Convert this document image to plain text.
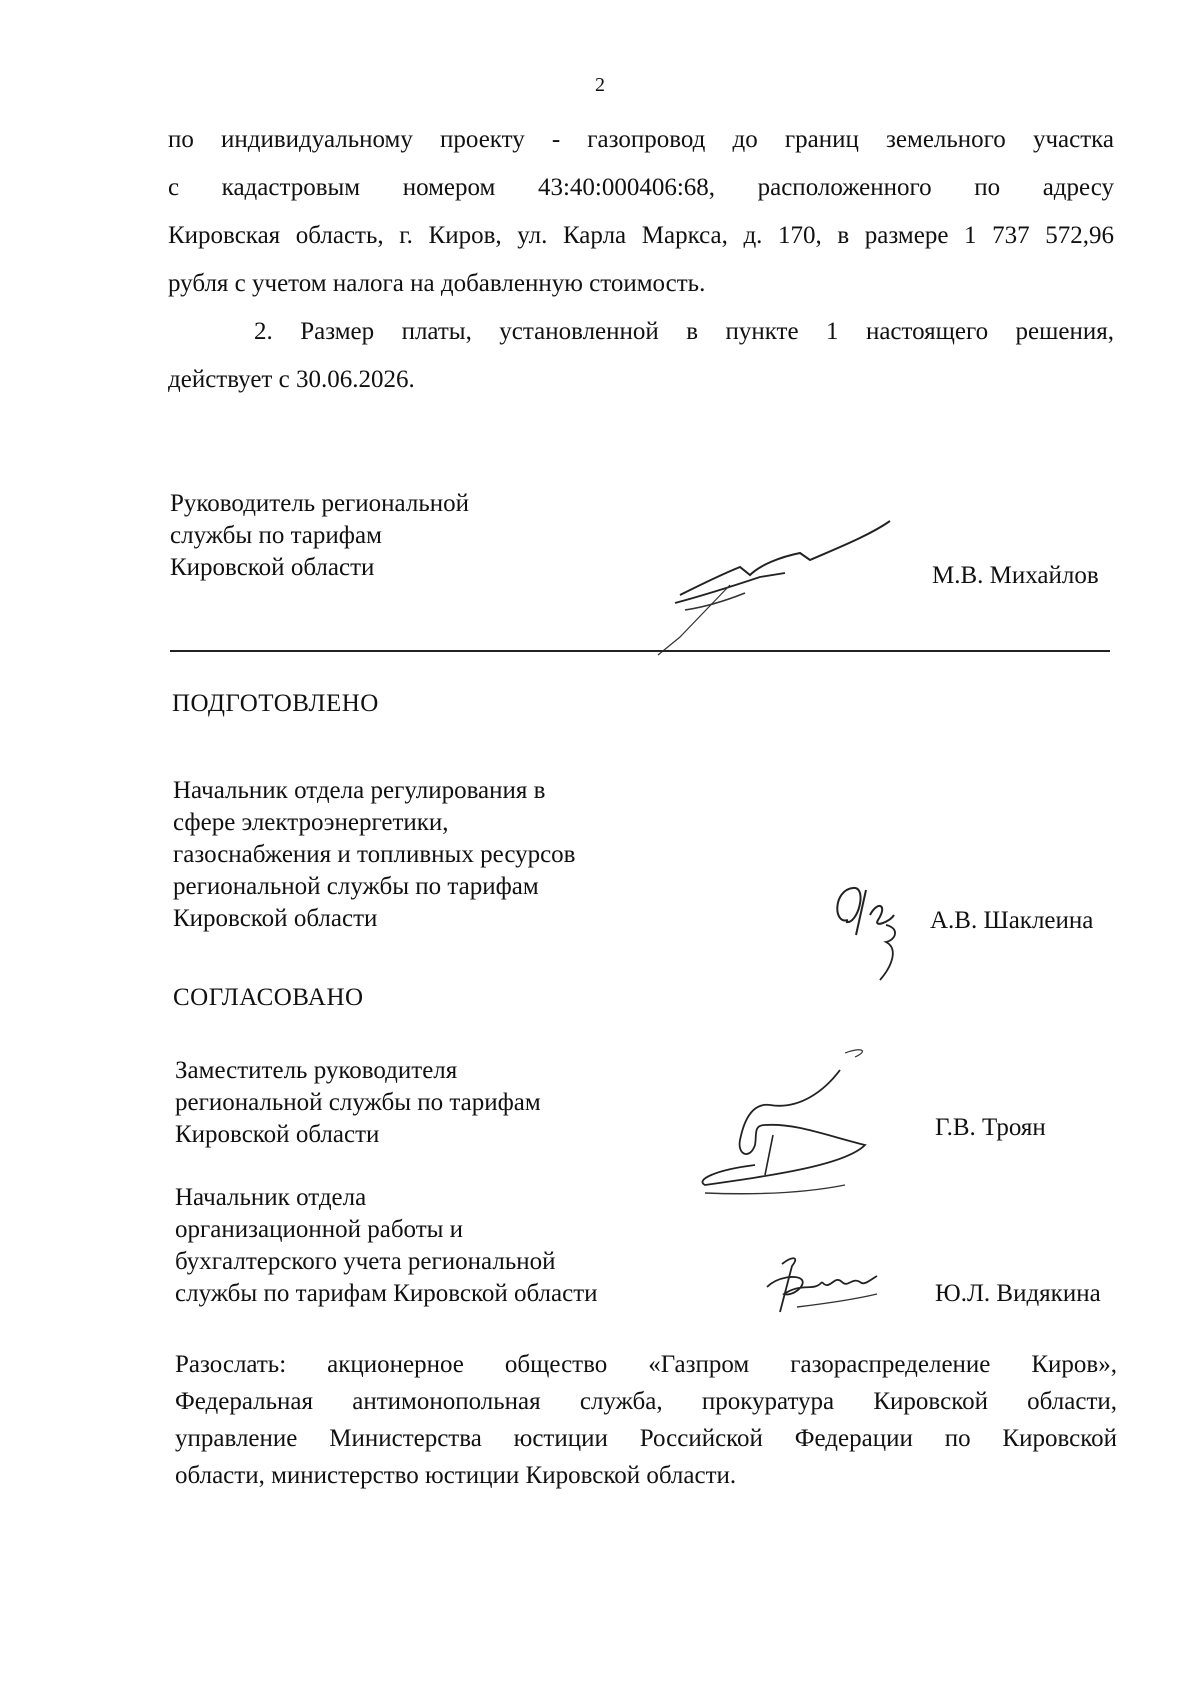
2
по индивидуальному проекту - газопровод до границ земельного участка
с кадастровым номером 43:40:000406:68, расположенного по адресу
Кировская область, г. Киров, ул. Карла Маркса, д. 170, в размере 1 737 572,96
рубля с учетом налога на добавленную стоимость.
2. Размер платы, установленной в пункте 1 настоящего решения,
действует с 30.06.2026.
Руководитель региональной
службы по тарифам
Кировской области	М.В. Михайлов
ПОДГОТОВЛЕНО
Начальник отдела регулирования в
сфере электроэнергетики,
газоснабжения и топливных ресурсов
региональной службы по тарифам
Кировской области	А.В. Шаклеина
СОГЛАСОВАНО
Заместитель руководителя
региональной службы по тарифам
Кировской области	Г.В. Троян
Начальник отдела
организационной работы и
бухгалтерского учета региональной
службы по тарифам Кировской области	Ю.Л. Видякина
Разослать: акционерное общество «Газпром газораспределение Киров»,
Федеральная антимонопольная служба, прокуратура Кировской области,
управление Министерства юстиции Российской Федерации по Кировской
области, министерство юстиции Кировской области.
